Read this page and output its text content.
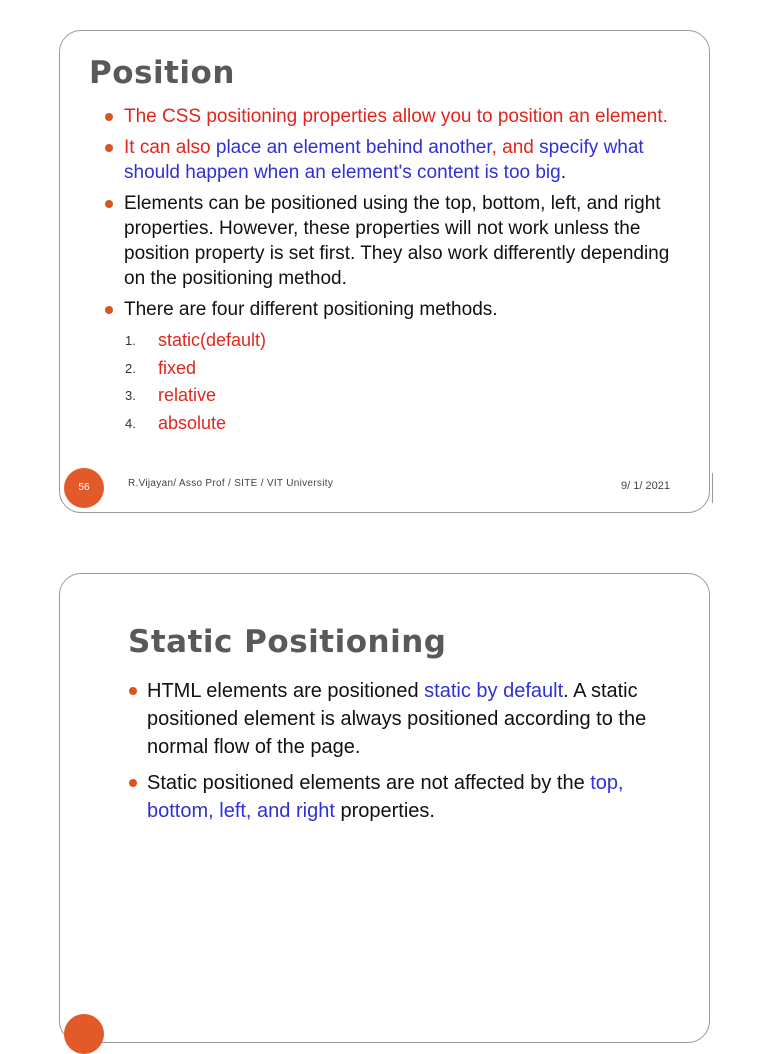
Position
The CSS positioning properties allow you to position an element.
It can also place an element behind another, and specify what should happen when an element's content is too big.
Elements can be positioned using the top, bottom, left, and right properties. However, these properties will not work unless the position property is set first. They also work differently depending on the positioning method.
There are four different positioning methods.
1. static(default)
2. fixed
3. relative
4. absolute
56	R.Vijayan/ Asso Prof / SITE / VIT University	9/ 1/ 2021
Static Positioning
HTML elements are positioned static by default. A static positioned element is always positioned according to the normal flow of the page.
Static positioned elements are not affected by the top, bottom, left, and right properties.
